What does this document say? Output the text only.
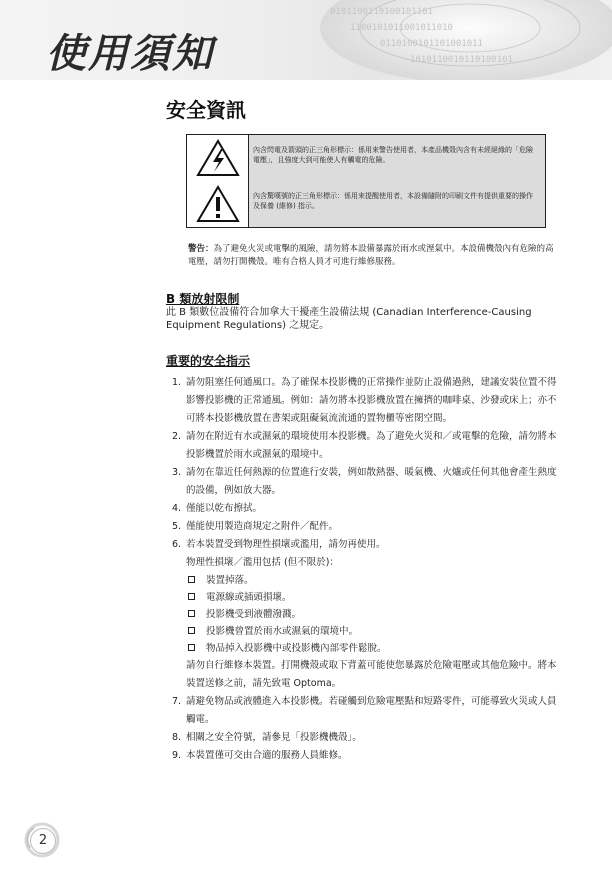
0101100110100101101
1100101011001011010
0110100101101001011
1010110010110100101
使用須知
安全資訊
內含閃電及箭頭的正三角形標示：係用來警告使用者，本產品機殼內含有未經絕緣的「危險電壓」，且強度大到可能使人有觸電的危險。
內含驚嘆號的正三角形標示：係用來提醒使用者，本設備隨附的印刷文件有提供重要的操作及保養 (維修) 指示。
警告：為了避免火災或電擊的風險，請勿將本設備暴露於雨水或溼氣中。本設備機殼內有危險的高電壓，請勿打開機殼。唯有合格人員才可進行維修服務。
B 類放射限制
此 B 類數位設備符合加拿大干擾產生設備法規 (Canadian Interference-Causing Equipment Regulations) 之規定。
重要的安全指示
1. 請勿阻塞任何通風口。為了確保本投影機的正常操作並防止設備過熱，建議安裝位置不得影響投影機的正常通風。例如：請勿將本投影機放置在擁擠的咖啡桌、沙發或床上；亦不可將本投影機放置在書架或阻礙氣流流通的置物櫃等密閉空間。
2. 請勿在附近有水或濕氣的環境使用本投影機。為了避免火災和／或電擊的危險，請勿將本投影機置於雨水或濕氣的環境中。
3. 請勿在靠近任何熱源的位置進行安裝，例如散熱器、暖氣機、火爐或任何其他會產生熱度的設備，例如放大器。
4. 僅能以乾布擦拭。
5. 僅能使用製造商規定之附件／配件。
6. 若本裝置受到物理性損壞或濫用，請勿再使用。
物理性損壞／濫用包括 (但不限於)：
裝置掉落。
電源線或插頭損壞。
投影機受到液體潑濺。
投影機曾置於雨水或濕氣的環境中。
物品掉入投影機中或投影機內部零件鬆脫。
請勿自行維修本裝置。打開機殼或取下背蓋可能使您暴露於危險電壓或其他危險中。將本裝置送修之前，請先致電 Optoma。
7. 請避免物品或液體進入本投影機。若碰觸到危險電壓點和短路零件，可能導致火災或人員觸電。
8. 相關之安全符號，請參見「投影機機殼」。
9. 本裝置僅可交由合適的服務人員維修。
2
